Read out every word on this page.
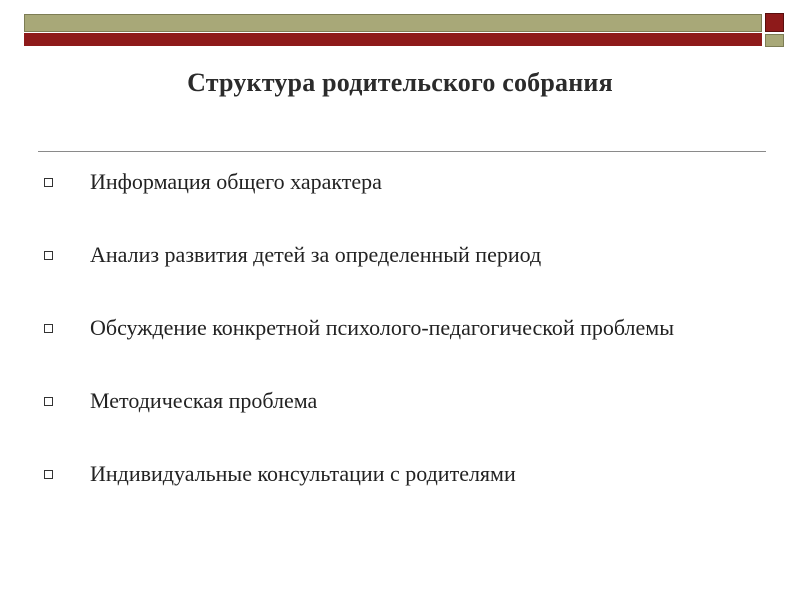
Структура родительского собрания
Информация общего характера
Анализ развития детей за определенный период
Обсуждение конкретной психолого-педагогической проблемы
Методическая проблема
Индивидуальные консультации с родителями
